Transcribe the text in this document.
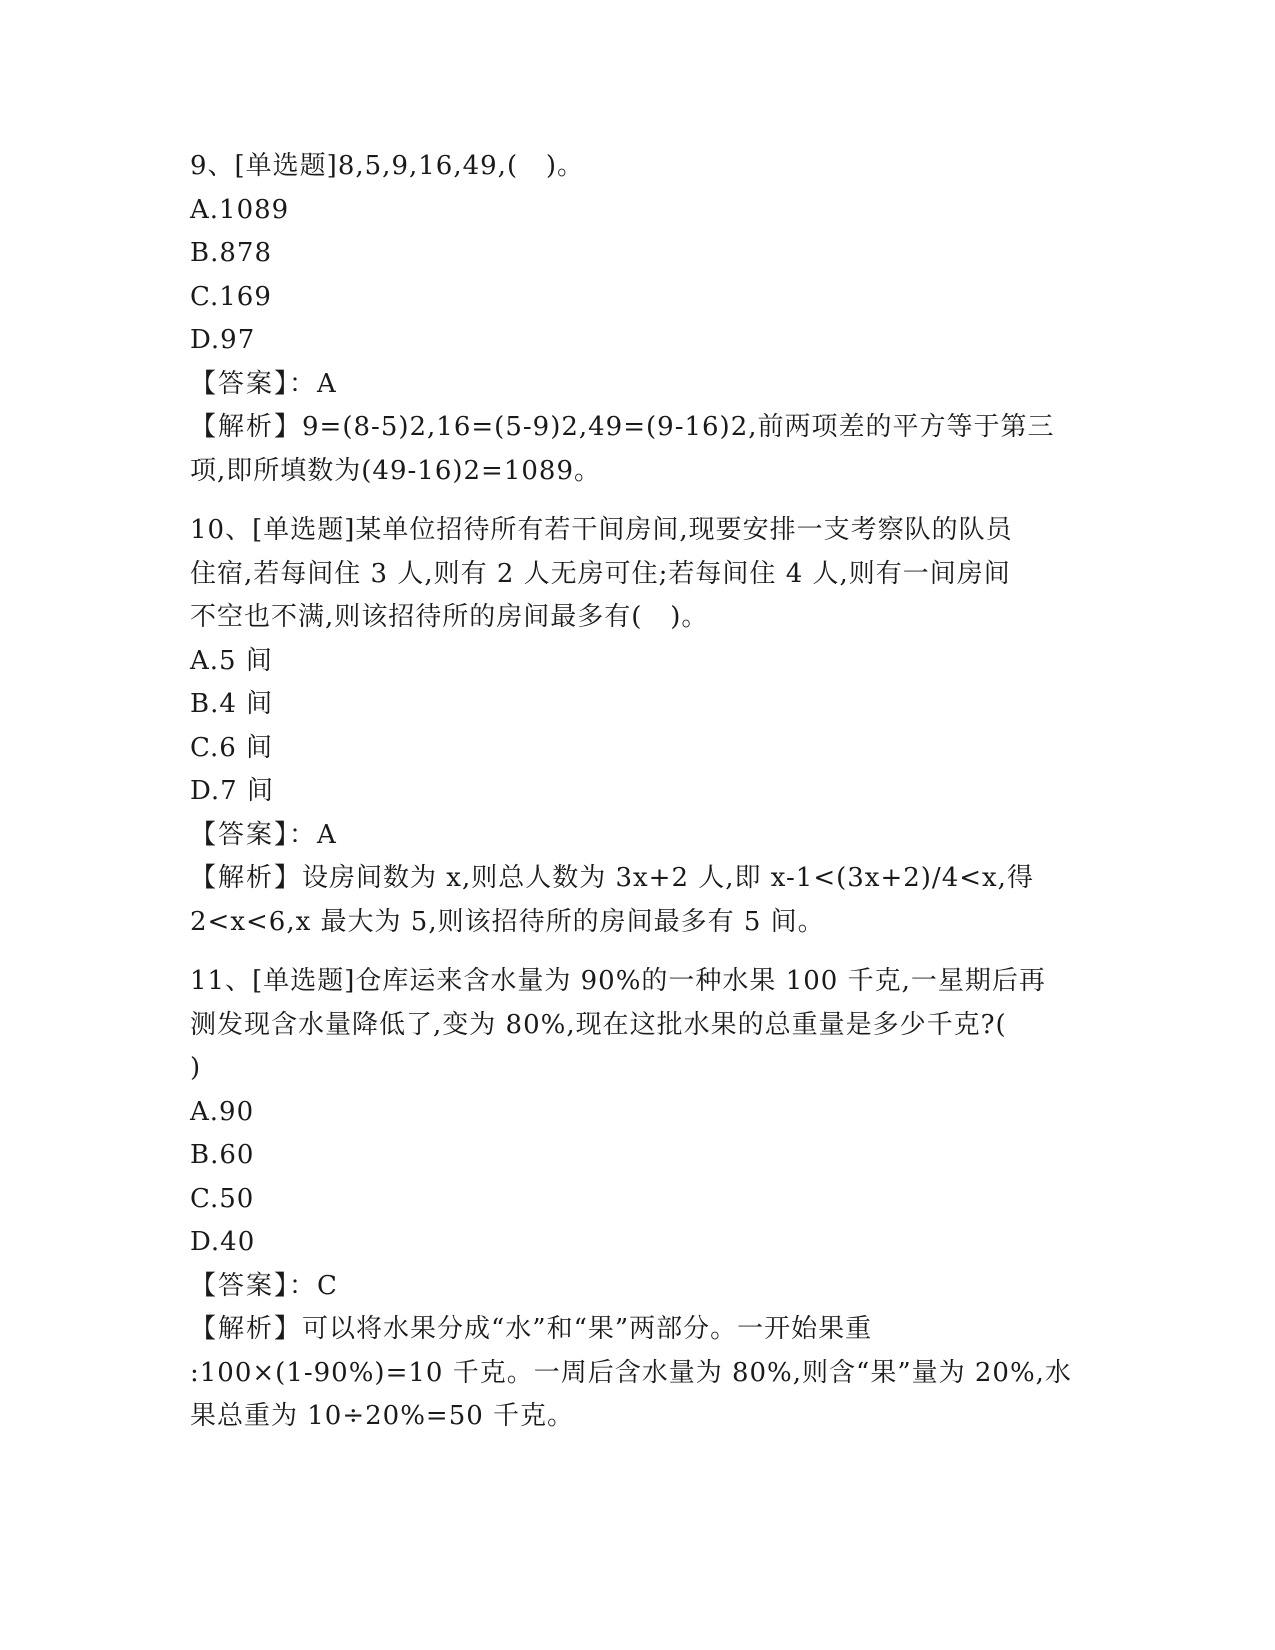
9、[单选题]8,5,9,16,49,(   )。
A.1089
B.878
C.169
D.97
【答案】：A
【解析】9=(8-5)2,16=(5-9)2,49=(9-16)2,前两项差的平方等于第三
项,即所填数为(49-16)2=1089。
10、[单选题]某单位招待所有若干间房间,现要安排一支考察队的队员
住宿,若每间住 3 人,则有 2 人无房可住;若每间住 4 人,则有一间房间
不空也不满,则该招待所的房间最多有(   )。
A.5 间
B.4 间
C.6 间
D.7 间
【答案】：A
【解析】设房间数为 x,则总人数为 3x+2 人,即 x-1<(3x+2)/4<x,得
2<x<6,x 最大为 5,则该招待所的房间最多有 5 间。
11、[单选题]仓库运来含水量为 90%的一种水果 100 千克,一星期后再
测发现含水量降低了,变为 80%,现在这批水果的总重量是多少千克?(
)
A.90
B.60
C.50
D.40
【答案】：C
【解析】可以将水果分成“水”和“果”两部分。一开始果重
:100×(1-90%)=10 千克。一周后含水量为 80%,则含“果”量为 20%,水
果总重为 10÷20%=50 千克。
